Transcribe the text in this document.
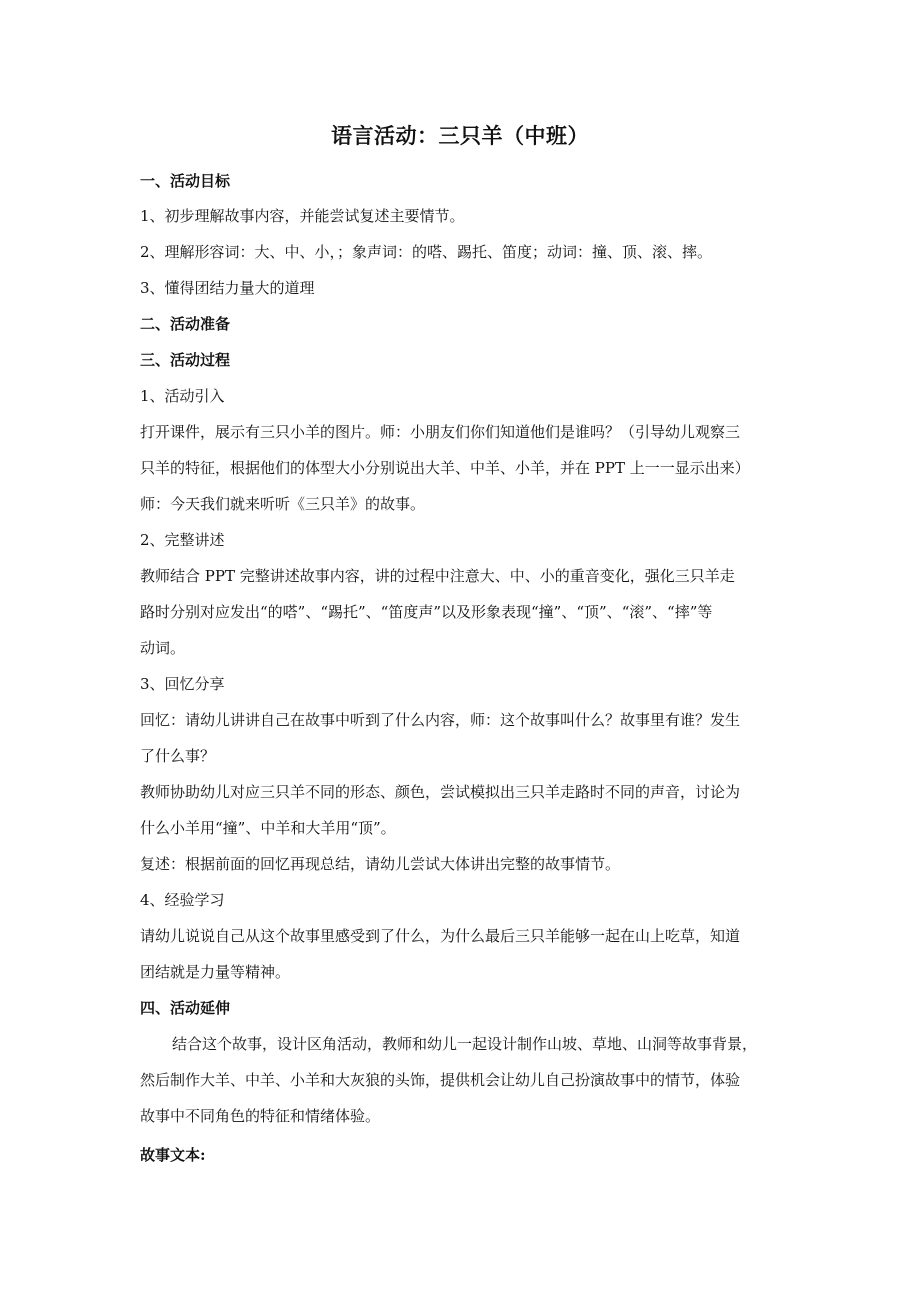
语言活动：三只羊（中班）
一、活动目标
1、初步理解故事内容，并能尝试复述主要情节。
2、理解形容词：大、中、小，；象声词：的嗒、踢托、笛度；动词：撞、顶、滚、摔。
3、懂得团结力量大的道理
二、活动准备
三、活动过程
1、活动引入
打开课件，展示有三只小羊的图片。师：小朋友们你们知道他们是谁吗？（引导幼儿观察三
只羊的特征，根据他们的体型大小分别说出大羊、中羊、小羊，并在 PPT 上一一显示出来）
师：今天我们就来听听《三只羊》的故事。
2、完整讲述
教师结合 PPT 完整讲述故事内容，讲的过程中注意大、中、小的重音变化，强化三只羊走
路时分别对应发出“的嗒”、“踢托”、“笛度声”以及形象表现“撞”、“顶”、“滚”、“摔”等
动词。
3、回忆分享
回忆：请幼儿讲讲自己在故事中听到了什么内容，师：这个故事叫什么？故事里有谁？发生
了什么事？
教师协助幼儿对应三只羊不同的形态、颜色，尝试模拟出三只羊走路时不同的声音，讨论为
什么小羊用“撞”、中羊和大羊用“顶”。
复述：根据前面的回忆再现总结，请幼儿尝试大体讲出完整的故事情节。
4、经验学习
请幼儿说说自己从这个故事里感受到了什么，为什么最后三只羊能够一起在山上吃草，知道
团结就是力量等精神。
四、活动延伸
结合这个故事，设计区角活动，教师和幼儿一起设计制作山坡、草地、山洞等故事背景，
然后制作大羊、中羊、小羊和大灰狼的头饰，提供机会让幼儿自己扮演故事中的情节，体验
故事中不同角色的特征和情绪体验。
故事文本:
